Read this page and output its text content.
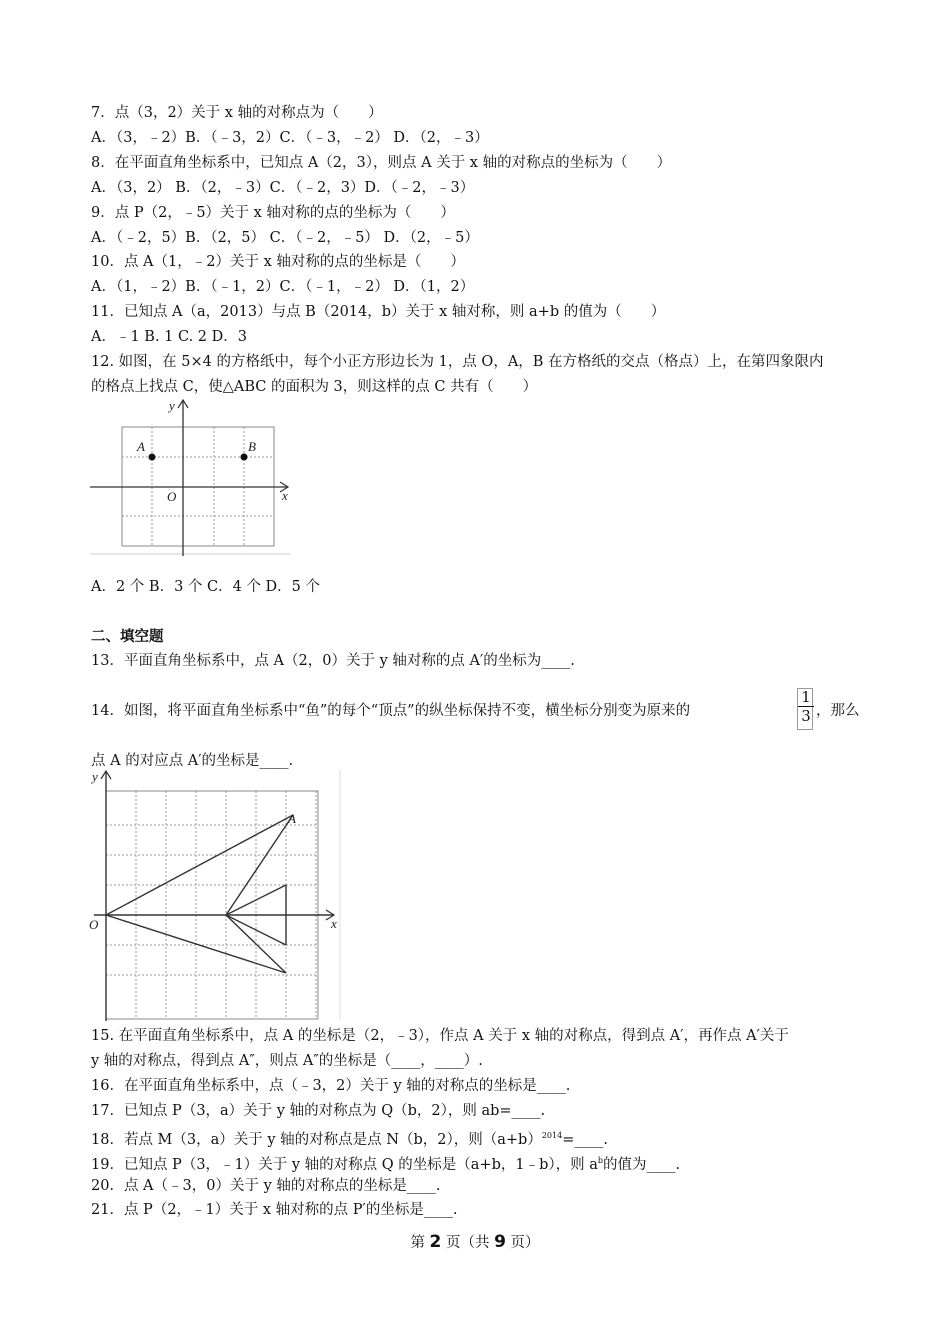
7．点（3，2）关于 x 轴的对称点为（　　）
A．（3，﹣2）B．（﹣3，2）C．（﹣3，﹣2） D．（2，﹣3）
8．在平面直角坐标系中，已知点 A（2，3），则点 A 关于 x 轴的对称点的坐标为（　　）
A．（3，2） B．（2，﹣3）C．（﹣2，3）D．（﹣2，﹣3）
9．点 P（2，﹣5）关于 x 轴对称的点的坐标为（　　）
A．（﹣2，5）B．（2，5） C．（﹣2，﹣5） D．（2，﹣5）
10．点 A（1，﹣2）关于 x 轴对称的点的坐标是（　　）
A．（1，﹣2）B．（﹣1，2）C．（﹣1，﹣2） D．（1，2）
11．已知点 A（a，2013）与点 B（2014，b）关于 x 轴对称，则 a+b 的值为（　　）
A．﹣1 B. 1 C. 2 D．3
12. 如图，在 5×4 的方格纸中，每个小正方形边长为 1，点 O，A，B 在方格纸的交点（格点）上，在第四象限内
的格点上找点 C，使△ABC 的面积为 3，则这样的点 C 共有（　　）
y
x
O
A	B
A．2 个 B．3 个 C．4 个 D．5 个
二、填空题
13．平面直角坐标系中，点 A（2，0）关于 y 轴对称的点 A′的坐标为____.
14．如图，将平面直角坐标系中“鱼”的每个“顶点”的纵坐标保持不变，横坐标分别变为原来的	$\frac{1}{3}$ ，那么
点 A 的对应点 A′的坐标是____.
y
x
O
A
15. 在平面直角坐标系中，点 A 的坐标是（2，﹣3），作点 A 关于 x 轴的对称点，得到点 A′，再作点 A′关于
y 轴的对称点，得到点 A″，则点 A″的坐标是（____，____）.
16．在平面直角坐标系中，点（﹣3，2）关于 y 轴的对称点的坐标是____.
17．已知点 P（3，a）关于 y 轴的对称点为 Q（b，2），则 ab=____.
18．若点 M（3，a）关于 y 轴的对称点是点 N（b，2），则$(a+b)^{2014}=\_\_\_\_$.
19．已知点 P（3，﹣1）关于 y 轴的对称点 Q 的坐标是（a+b，1﹣b），则 $a^b$的值为____.
20．点 A（﹣3，0）关于 y 轴的对称点的坐标是____.
21．点 P（2，﹣1）关于 x 轴对称的点 P′的坐标是____.
第 2 页（共 9 页）
